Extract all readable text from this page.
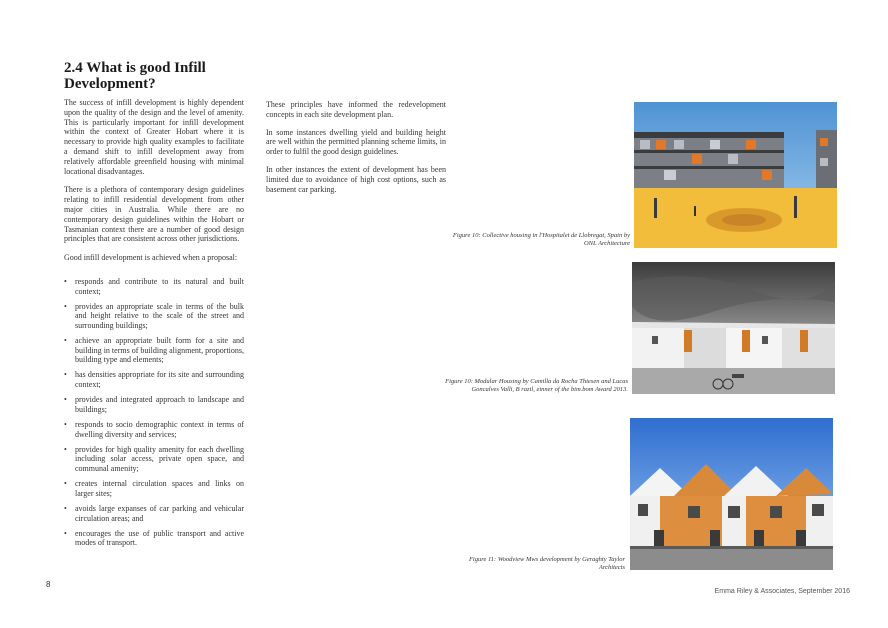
2.4 What is good Infill Development?

The success of infill development is highly dependent upon the quality of the design and the level of amenity. This is particularly important for infill development within the context of Greater Hobart where it is necessary to provide high quality examples to facilitate a demand shift to infill development away from relatively affordable greenfield housing with minimal locational disadvantages.

There is a plethora of contemporary design guidelines relating to infill residential development from other major cities in Australia. While there are no contemporary design guidelines within the Hobart or Tasmanian context there are a number of good design principles that are consistent across other jurisdictions.

Good infill development is achieved when a proposal:

• responds and contribute to its natural and built context;
• provides an appropriate scale in terms of the bulk and height relative to the scale of the street and surrounding buildings;
• achieve an appropriate built form for a site and building in terms of building alignment, proportions, building type and elements;
• has densities appropriate for its site and surrounding context;
• provides and integrated approach to landscape and buildings;
• responds to socio demographic context in terms of dwelling diversity and services;
• provides for high quality amenity for each dwelling including solar access, private open space, and communal amenity;
• creates internal circulation spaces and links on larger sites;
• avoids large expanses of car parking and vehicular circulation areas; and
• encourages the use of public transport and active modes of transport.

These principles have informed the redevelopment concepts in each site development plan.

In some instances dwelling yield and building height are well within the permitted planning scheme limits, in order to fulfil the good design guidelines.

In other instances the extent of development has been limited due to avoidance of high cost options, such as basement car parking.

Figure 10: Collective housing in l'Hospitalet de Llobregat, Spain by ONL Architecture
Figure 10: Modular Housing by Camilla da Rocha Thiesen and Lucas Goncalves Valli, B razil, einner of the bim.bom Award 2013.
Figure 11: Woodview Mws development by Geraghty Taylor Architects
8
Emma Riley & Associates, September 2016
